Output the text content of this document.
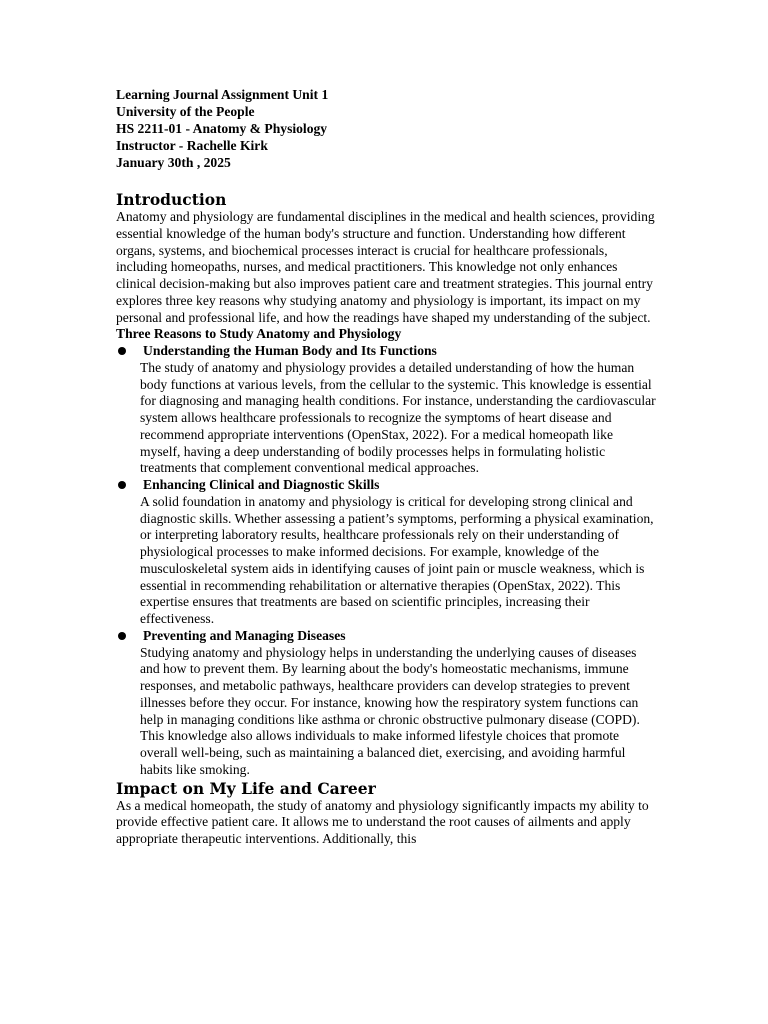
Learning Journal Assignment Unit 1
University of the People
HS 2211-01 - Anatomy & Physiology
Instructor - Rachelle Kirk
January 30th , 2025
Introduction

Anatomy and physiology are fundamental disciplines in the medical and health sciences, providing essential knowledge of the human body's structure and function. Understanding how different organs, systems, and biochemical processes interact is crucial for healthcare professionals, including homeopaths, nurses, and medical practitioners. This knowledge not only enhances clinical decision-making but also improves patient care and treatment strategies. This journal entry explores three key reasons why studying anatomy and physiology is important, its impact on my personal and professional life, and how the readings have shaped my understanding of the subject.

Three Reasons to Study Anatomy and Physiology

Understanding the Human Body and Its Functions
The study of anatomy and physiology provides a detailed understanding of how the human body functions at various levels, from the cellular to the systemic. This knowledge is essential for diagnosing and managing health conditions. For instance, understanding the cardiovascular system allows healthcare professionals to recognize the symptoms of heart disease and recommend appropriate interventions (OpenStax, 2022). For a medical homeopath like myself, having a deep understanding of bodily processes helps in formulating holistic treatments that complement conventional medical approaches.
Enhancing Clinical and Diagnostic Skills
A solid foundation in anatomy and physiology is critical for developing strong clinical and diagnostic skills. Whether assessing a patient’s symptoms, performing a physical examination, or interpreting laboratory results, healthcare professionals rely on their understanding of physiological processes to make informed decisions. For example, knowledge of the musculoskeletal system aids in identifying causes of joint pain or muscle weakness, which is essential in recommending rehabilitation or alternative therapies (OpenStax, 2022). This expertise ensures that treatments are based on scientific principles, increasing their effectiveness.
Preventing and Managing Diseases
Studying anatomy and physiology helps in understanding the underlying causes of diseases and how to prevent them. By learning about the body's homeostatic mechanisms, immune responses, and metabolic pathways, healthcare providers can develop strategies to prevent illnesses before they occur. For instance, knowing how the respiratory system functions can help in managing conditions like asthma or chronic obstructive pulmonary disease (COPD). This knowledge also allows individuals to make informed lifestyle choices that promote overall well-being, such as maintaining a balanced diet, exercising, and avoiding harmful habits like smoking.
Impact on My Life and Career

As a medical homeopath, the study of anatomy and physiology significantly impacts my ability to provide effective patient care. It allows me to understand the root causes of ailments and apply appropriate therapeutic interventions. Additionally, this
